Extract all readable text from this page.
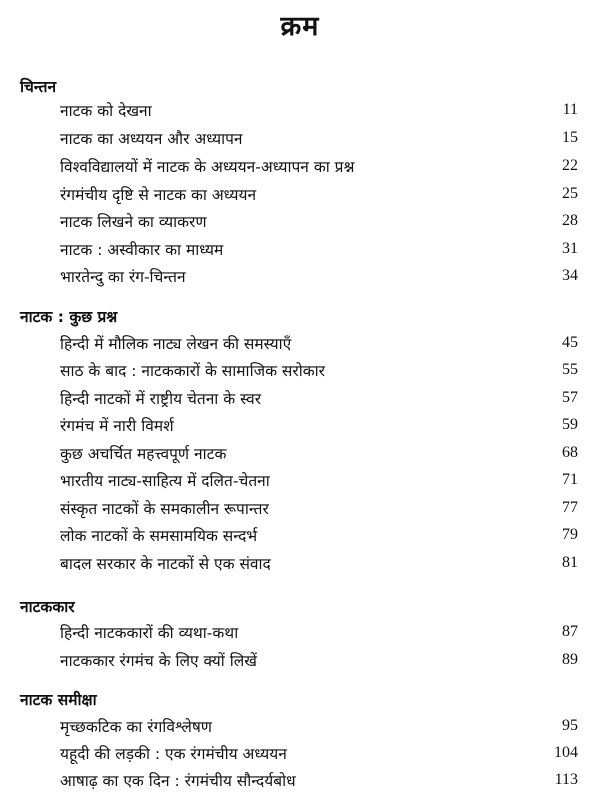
क्रम
चिन्तन
नाटक को देखना	11
नाटक का अध्ययन और अध्यापन	15
विश्वविद्यालयों में नाटक के अध्ययन-अध्यापन का प्रश्न	22
रंगमंचीय दृष्टि से नाटक का अध्ययन	25
नाटक लिखने का व्याकरण	28
नाटक : अस्वीकार का माध्यम	31
भारतेन्दु का रंग-चिन्तन	34
नाटक : कुछ प्रश्न
हिन्दी में मौलिक नाट्य लेखन की समस्याएँ	45
साठ के बाद : नाटककारों के सामाजिक सरोकार	55
हिन्दी नाटकों में राष्ट्रीय चेतना के स्वर	57
रंगमंच में नारी विमर्श	59
कुछ अचर्चित महत्त्वपूर्ण नाटक	68
भारतीय नाट्य-साहित्य में दलित-चेतना	71
संस्कृत नाटकों के समकालीन रूपान्तर	77
लोक नाटकों के समसामयिक सन्दर्भ	79
बादल सरकार के नाटकों से एक संवाद	81
नाटककार
हिन्दी नाटककारों की व्यथा-कथा	87
नाटककार रंगमंच के लिए क्यों लिखें	89
नाटक समीक्षा
मृच्छकटिक का रंगविश्लेषण	95
यहूदी की लड़की : एक रंगमंचीय अध्ययन	104
आषाढ़ का एक दिन : रंगमंचीय सौन्दर्यबोध	113
